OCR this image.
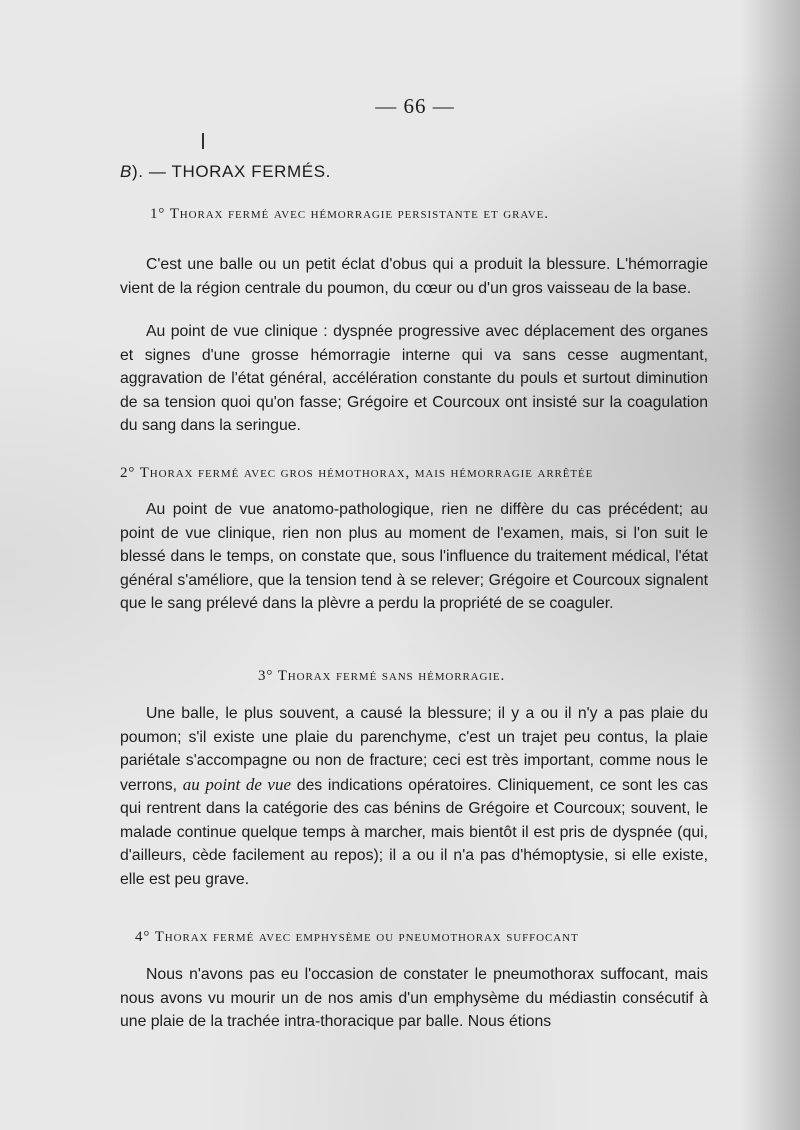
— 66 —
B). — THORAX FERMÉS.
1° Thorax fermé avec hémorragie persistante et grave.

C'est une balle ou un petit éclat d'obus qui a produit la blessure. L'hémorragie vient de la région centrale du poumon, du cœur ou d'un gros vaisseau de la base.

Au point de vue clinique : dyspnée progressive avec déplacement des organes et signes d'une grosse hémorragie interne qui va sans cesse augmentant, aggravation de l'état général, accélération constante du pouls et surtout diminution de sa tension quoi qu'on fasse; Grégoire et Courcoux ont insisté sur la coagulation du sang dans la seringue.

2° Thorax fermé avec gros hémothorax, mais hémorragie arrêtée

Au point de vue anatomo-pathologique, rien ne diffère du cas précédent; au point de vue clinique, rien non plus au moment de l'examen, mais, si l'on suit le blessé dans le temps, on constate que, sous l'influence du traitement médical, l'état général s'améliore, que la tension tend à se relever; Grégoire et Courcoux signalent que le sang prélevé dans la plèvre a perdu la propriété de se coaguler.

3° Thorax fermé sans hémorragie.

Une balle, le plus souvent, a causé la blessure; il y a ou il n'y a pas plaie du poumon; s'il existe une plaie du parenchyme, c'est un trajet peu contus, la plaie pariétale s'accompagne ou non de fracture; ceci est très important, comme nous le verrons, au point de vue des indications opératoires. Cliniquement, ce sont les cas qui rentrent dans la catégorie des cas bénins de Grégoire et Courcoux; souvent, le malade continue quelque temps à marcher, mais bientôt il est pris de dyspnée (qui, d'ailleurs, cède facilement au repos); il a ou il n'a pas d'hémoptysie, si elle existe, elle est peu grave.

4° Thorax fermé avec emphysème ou pneumothorax suffocant

Nous n'avons pas eu l'occasion de constater le pneumothorax suffocant, mais nous avons vu mourir un de nos amis d'un emphysème du médiastin consécutif à une plaie de la trachée intra-thoracique par balle. Nous étions
